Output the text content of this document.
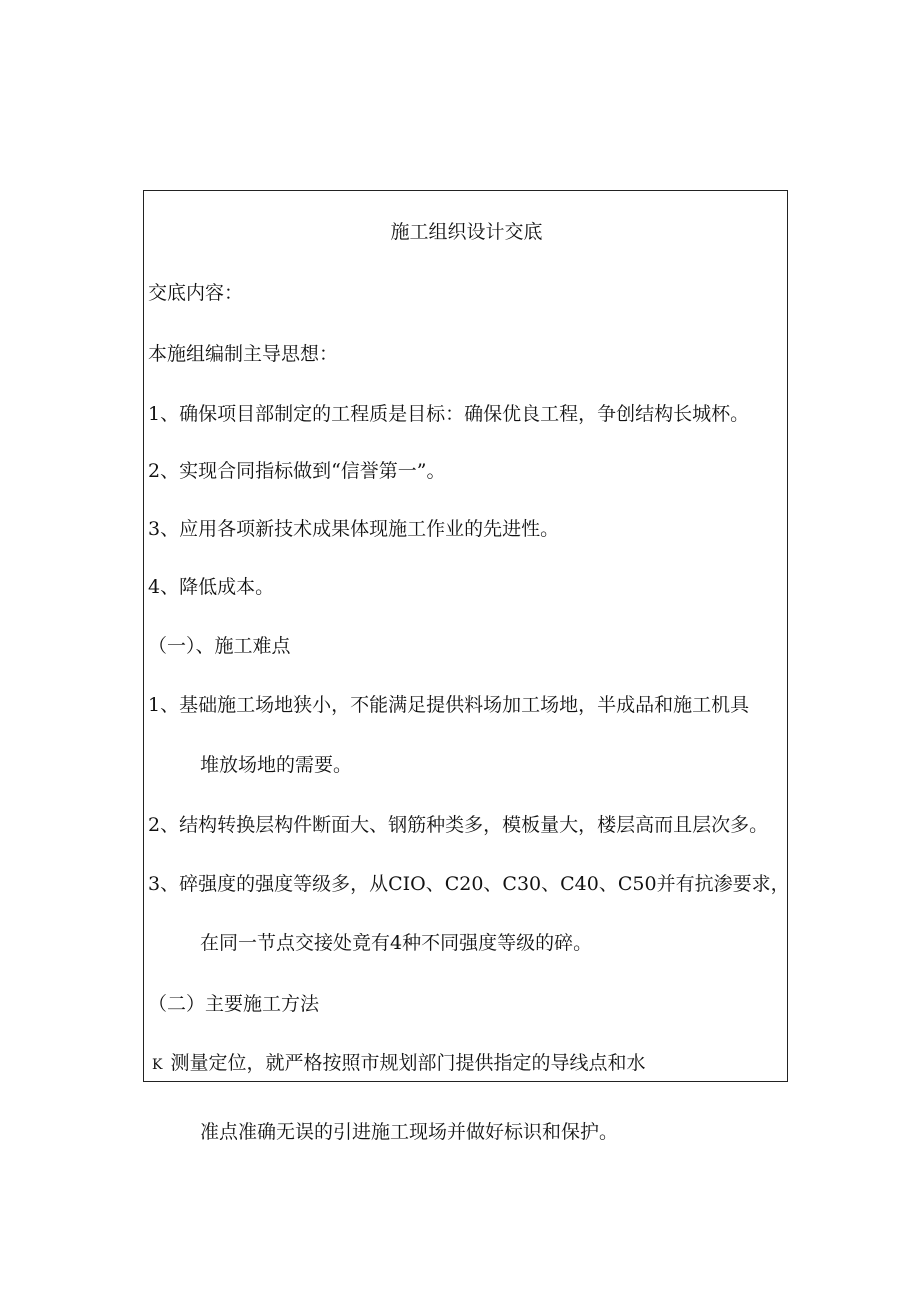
施工组织设计交底
交底内容：
本施组编制主导思想：
1、确保项目部制定的工程质是目标：确保优良工程，争创结构长城杯。
2、实现合同指标做到“信誉第一”。
3、应用各项新技术成果体现施工作业的先进性。
4、降低成本。
（一）、施工难点
1、基础施工场地狭小，不能满足提供料场加工场地，半成品和施工机具
堆放场地的需要。
2、结构转换层构件断面大、钢筋种类多，模板量大，楼层高而且层次多。
3、碎强度的强度等级多，从CIO、C20、C30、C40、C50并有抗渗要求，
在同一节点交接处竟有4种不同强度等级的碎。
（二）主要施工方法
K 测量定位，就严格按照市规划部门提供指定的导线点和水
准点准确无误的引进施工现场并做好标识和保护。
